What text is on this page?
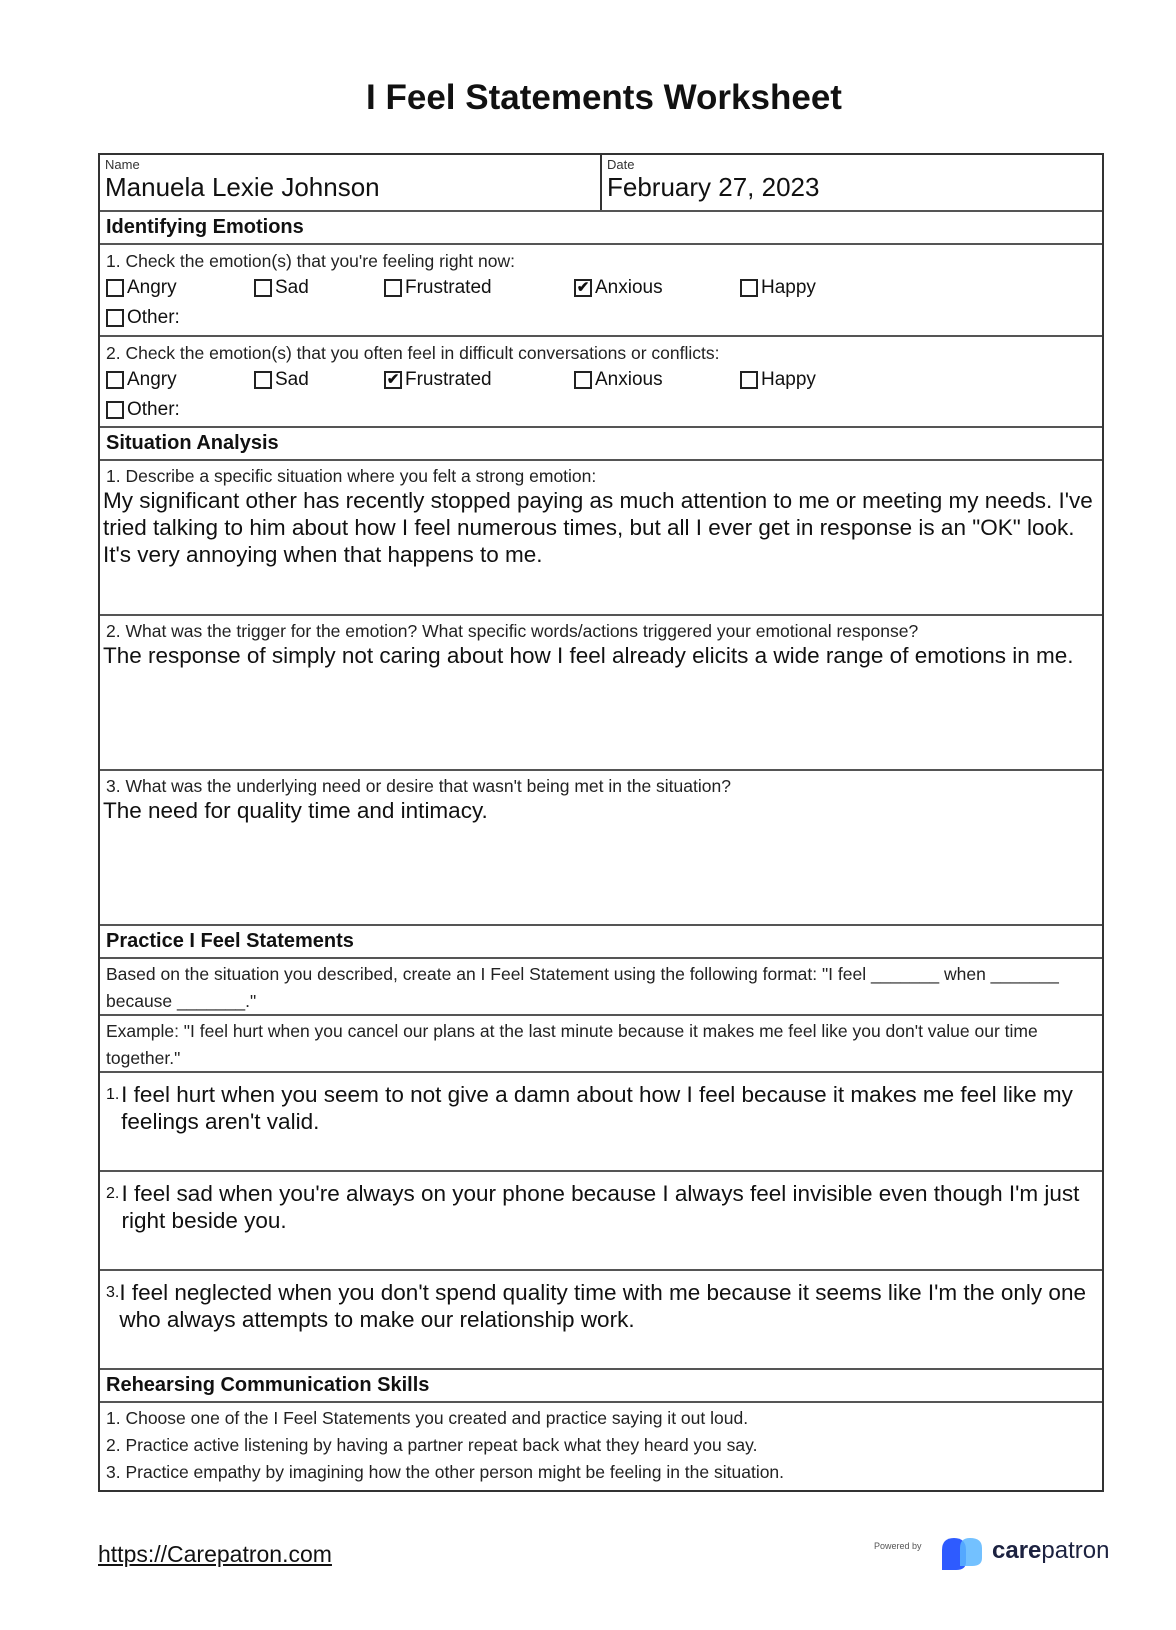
I Feel Statements Worksheet
Name
Manuela Lexie Johnson
Date
February 27, 2023
Identifying Emotions
1. Check the emotion(s) that you're feeling right now:
Angry	Sad	Frustrated	✔ Anxious	Happy
Other:
2. Check the emotion(s) that you often feel in difficult conversations or conflicts:
Angry	Sad	✔ Frustrated	Anxious	Happy
Other:
Situation Analysis
1. Describe a specific situation where you felt a strong emotion:
My significant other has recently stopped paying as much attention to me or meeting my needs. I've tried talking to him about how I feel numerous times, but all I ever get in response is an "OK" look. It's very annoying when that happens to me.
2. What was the trigger for the emotion? What specific words/actions triggered your emotional response?
The response of simply not caring about how I feel already elicits a wide range of emotions in me.
3. What was the underlying need or desire that wasn't being met in the situation?
The need for quality time and intimacy.
Practice I Feel Statements
Based on the situation you described, create an I Feel Statement using the following format: "I feel _______ when _______ because _______."
Example: "I feel hurt when you cancel our plans at the last minute because it makes me feel like you don't value our time together."
1. I feel hurt when you seem to not give a damn about how I feel because it makes me feel like my feelings aren't valid.
2. I feel sad when you're always on your phone because I always feel invisible even though I'm just right beside you.
3. I feel neglected when you don't spend quality time with me because it seems like I'm the only one who always attempts to make our relationship work.
Rehearsing Communication Skills
1. Choose one of the I Feel Statements you created and practice saying it out loud.
2. Practice active listening by having a partner repeat back what they heard you say.
3. Practice empathy by imagining how the other person might be feeling in the situation.
https://Carepatron.com	Powered by	carepatron
